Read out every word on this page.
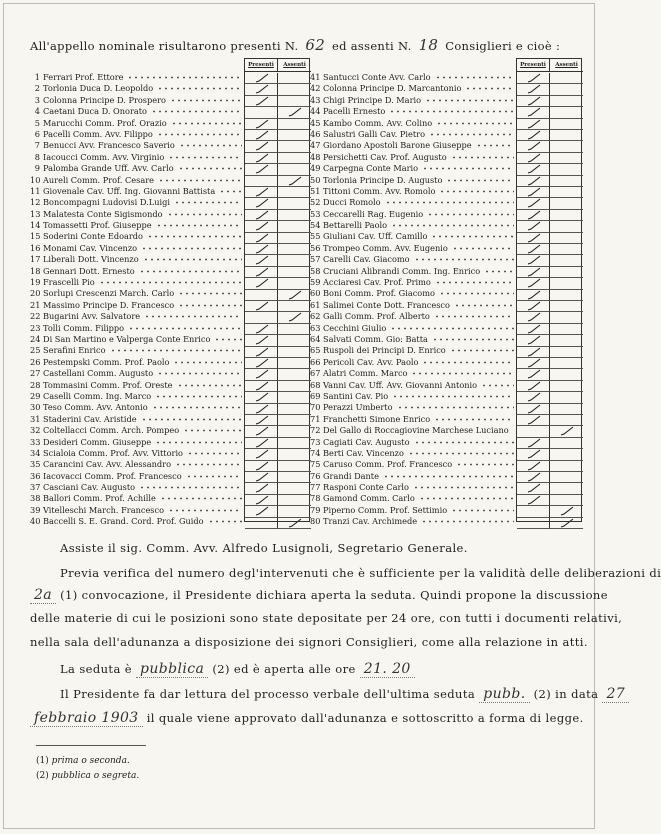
All'appello nominale risultarono presenti N. 62 ed assenti N. 18 Consiglieri e cioè :
1 Ferrari Prof. Ettore
2 Torlonia Duca D. Leopoldo
3 Colonna Principe D. Prospero
4 Caetani Duca D. Onorato
5 Marucchi Comm. Prof. Orazio
6 Pacelli Comm. Avv. Filippo
7 Benucci Avv. Francesco Saverio
8 Iacoucci Comm. Avv. Virginio
9 Palomba Grande Uff. Avv. Carlo
10 Aureli Comm. Prof. Cesare
11 Giovenale Cav. Uff. Ing. Giovanni Battista
12 Boncompagni Ludovisi D.Luigi
13 Malatesta Conte Sigismondo
14 Tomassetti Prof. Giuseppe
15 Soderini Conte Edoardo
16 Monami Cav. Vincenzo
17 Liberali Dott. Vincenzo
18 Gennari Dott. Ernesto
19 Frascelli Pio
20 Sorlupi Crescenzi March. Carlo
21 Massimo Principe D. Francesco
22 Bugarini Avv. Salvatore
23 Tolli Comm. Filippo
24 Di San Martino e Valperga Conte Enrico
25 Serafini Enrico
26 Pestempski Comm. Prof. Paolo
27 Castellani Comm. Augusto
28 Tommasini Comm. Prof. Oreste
29 Caselli Comm. Ing. Marco
30 Teso Comm. Avv. Antonio
31 Staderini Cav. Aristide
32 Coltellacci Comm. Arch. Pompeo
33 Desideri Comm. Giuseppe
34 Scialoia Comm. Prof. Avv. Vittorio
35 Carancini Cav. Avv. Alessandro
36 Iacovacci Comm. Prof. Francesco
37 Casciani Cav. Augusto
38 Ballori Comm. Prof. Achille
39 Vitelleschi March. Francesco
40 Baccelli S. E. Grand. Cord. Prof. Guido
Presenti	Assenti
41 Santucci Conte Avv. Carlo
42 Colonna Principe D. Marcantonio
43 Chigi Principe D. Mario
44 Pacelli Ernesto
45 Kambo Comm. Avv. Colino
46 Salustri Galli Cav. Pietro
47 Giordano Apostoli Barone Giuseppe
48 Persichetti Cav. Prof. Augusto
49 Carpegna Conte Mario
50 Torlonia Principe D. Augusto
51 Tittoni Comm. Avv. Romolo
52 Ducci Romolo
53 Ceccarelli Rag. Eugenio
54 Bettarelli Paolo
55 Giuliani Cav. Uff. Camillo
56 Trompeo Comm. Avv. Eugenio
57 Carelli Cav. Giacomo
58 Cruciani Alibrandi Comm. Ing. Enrico
59 Acciaresi Cav. Prof. Primo
60 Boni Comm. Prof. Giacomo
61 Salimei Conte Dott. Francesco
62 Galli Comm. Prof. Alberto
63 Cecchini Giulio
64 Salvati Comm. Gio: Batta
65 Ruspoli dei Principi D. Enrico
66 Pericoli Cav. Avv. Paolo
67 Alatri Comm. Marco
68 Vanni Cav. Uff. Avv. Giovanni Antonio
69 Santini Cav. Pio
70 Perazzi Umberto
71 Franchetti Simone Enrico
72 Del Gallo di Roccagiovine Marchese Luciano
73 Cagiati Cav. Augusto
74 Berti Cav. Vincenzo
75 Caruso Comm. Prof. Francesco
76 Grandi Dante
77 Rasponi Conte Carlo
78 Gamond Comm. Carlo
79 Piperno Comm. Prof. Settimio
80 Tranzi Cav. Archimede
Presenti	Assenti
Assiste il sig. Comm. Avv. Alfredo Lusignoli, Segretario Generale.
Previa verifica del numero degl'intervenuti che è sufficiente per la validità delle deliberazioni di
2a (1) convocazione, il Presidente dichiara aperta la seduta. Quindi propone la discussione
delle materie di cui le posizioni sono state depositate per 24 ore, con tutti i documenti relativi,
nella sala dell'adunanza a disposizione dei signori Consiglieri, come alla relazione in atti.
La seduta è pubblica (2) ed è aperta alle ore 21. 20
Il Presidente fa dar lettura del processo verbale dell'ultima seduta pubb. (2) in data 27
febbraio 1903 il quale viene approvato dall'adunanza e sottoscritto a forma di legge.
(1) prima o seconda.
(2) pubblica o segreta.
